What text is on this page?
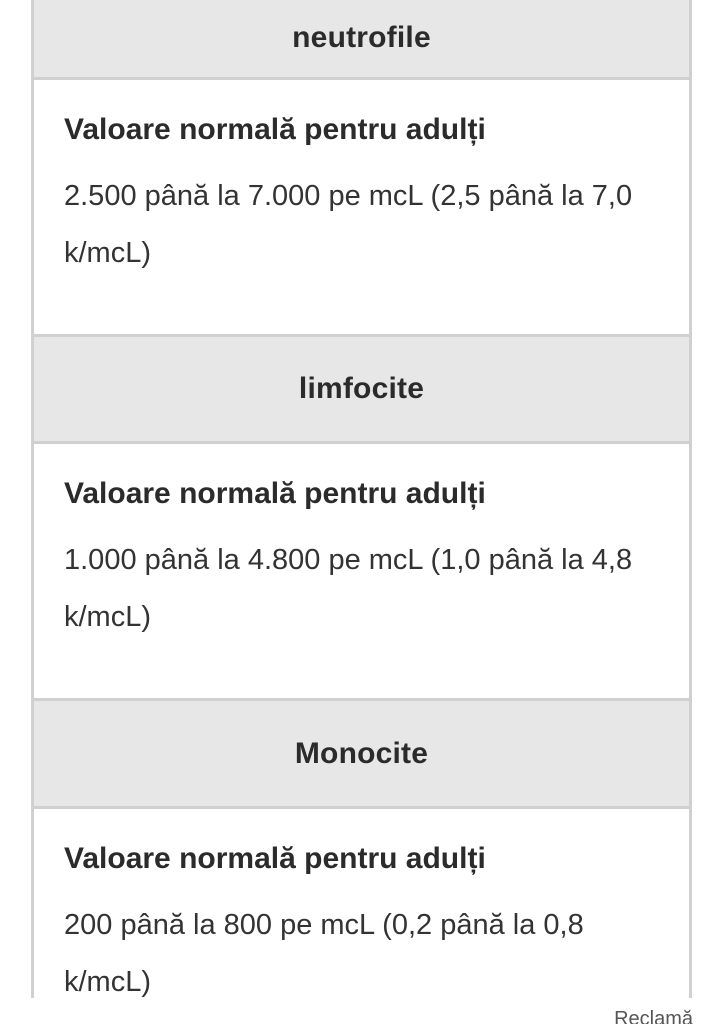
neutrofile

Valoare normală pentru adulți

2.500 până la 7.000 pe mcL (2,5 până la 7,0 k/mcL)

limfocite

Valoare normală pentru adulți

1.000 până la 4.800 pe mcL (1,0 până la 4,8 k/mcL)

Monocite

Valoare normală pentru adulți

200 până la 800 pe mcL (0,2 până la 0,8 k/mcL)

Reclamă
